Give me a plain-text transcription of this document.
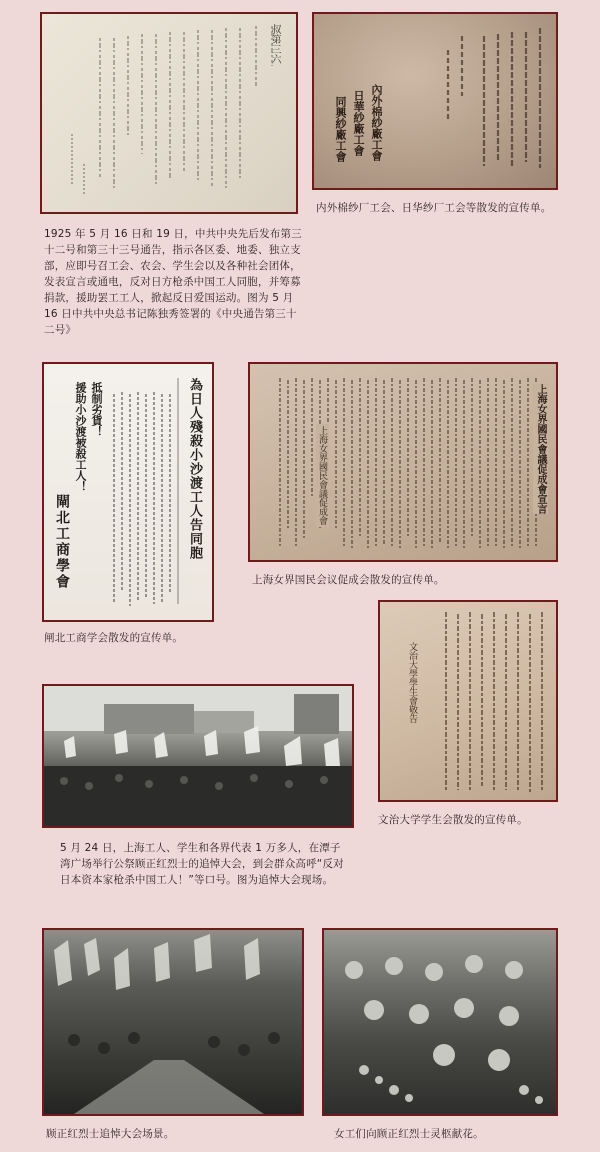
叔第三六
內外棉紗廠工會
日華紗廠工會
同興紗廠工會

内外棉纱厂工会、日华纱厂工会等散发的宣传单。

1925 年 5 月 16 日和 19 日，中共中央先后发布第三十二号和第三十三号通告，指示各区委、地委、独立支部，应即号召工会、农会、学生会以及各种社会团体，发表宣言或通电，反对日方枪杀中国工人同胞，并筹募捐款，援助罢工工人，掀起反日爱国运动。图为 5 月 16 日中共中央总书记陈独秀签署的《中央通告第三十二号》

為日人殘殺小沙渡工人告同胞
抵制劣貨！
援助小沙渡被殺工人！
閘北工商學會
上海女界國民會議促成會	上海女界國民會議促成會宣言

上海女界国民会议促成会散发的宣传单。

闸北工商学会散发的宣传单。

文治大學學生會敬告

文治大学学生会散发的宣传单。

5 月 24 日，上海工人、学生和各界代表 1 万多人，在潭子湾广场举行公祭顾正红烈士的追悼大会，到会群众高呼“反对日本资本家枪杀中国工人！”等口号。图为追悼大会现场。

顾正红烈士追悼大会场景。	女工们向顾正红烈士灵柩献花。
